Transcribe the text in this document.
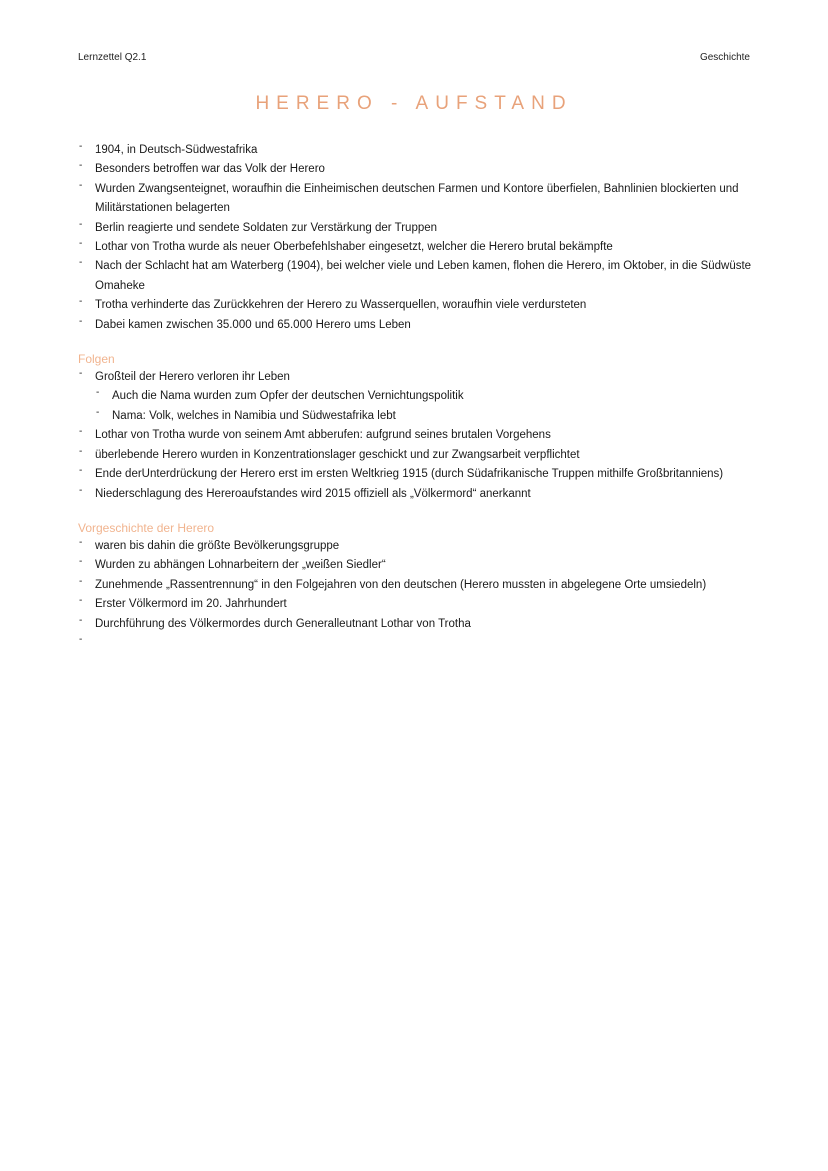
Lernzettel Q2.1	Geschichte
HERERO - AUFSTAND
- 1904, in Deutsch-Südwestafrika
- Besonders betroffen war das Volk der Herero
- Wurden Zwangsenteignet, woraufhin die Einheimischen deutschen Farmen und Kontore überfielen, Bahnlinien blockierten und Militärstationen belagerten
- Berlin reagierte und sendete Soldaten zur Verstärkung der Truppen
- Lothar von Trotha wurde als neuer Oberbefehlshaber eingesetzt, welcher die Herero brutal bekämpfte
- Nach der Schlacht hat am Waterberg (1904), bei welcher viele und Leben kamen, flohen die Herero, im Oktober, in die Südwüste Omaheke
- Trotha verhinderte das Zurückkehren der Herero zu Wasserquellen, woraufhin viele verdursteten
- Dabei kamen zwischen 35.000 und 65.000 Herero ums Leben
Folgen
- Großteil der Herero verloren ihr Leben
- Auch die Nama wurden zum Opfer der deutschen Vernichtungspolitik
- Nama: Volk, welches in Namibia und Südwestafrika lebt
- Lothar von Trotha wurde von seinem Amt abberufen: aufgrund seines brutalen Vorgehens
- überlebende Herero wurden in Konzentrationslager geschickt und zur Zwangsarbeit verpflichtet
- Ende derUnterdrückung der Herero erst im ersten Weltkrieg 1915 (durch Südafrikanische Truppen mithilfe Großbritanniens)
- Niederschlagung des Hereroaufstandes wird 2015 offiziell als „Völkermord“ anerkannt
Vorgeschichte der Herero
- waren bis dahin die größte Bevölkerungsgruppe
- Wurden zu abhängen Lohnarbeitern der „weißen Siedler“
- Zunehmende „Rassentrennung“ in den Folgejahren von den deutschen (Herero mussten in abgelegene Orte umsiedeln)
- Erster Völkermord im 20. Jahrhundert
- Durchführung des Völkermordes durch Generalleutnant Lothar von Trotha
-
